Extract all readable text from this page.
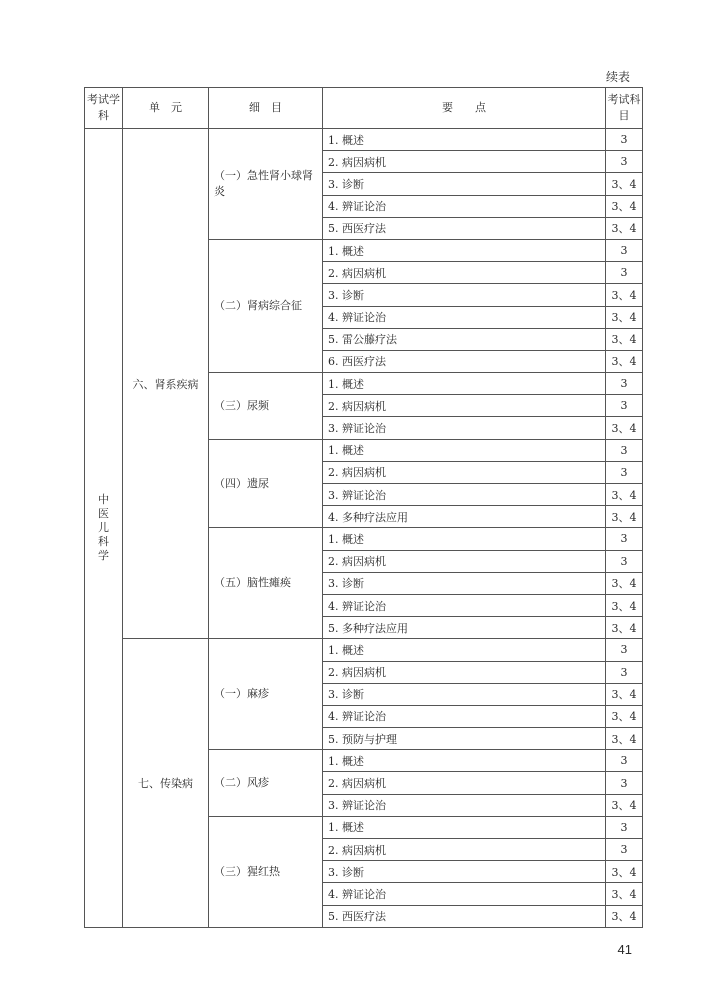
续表
考试学科	单　元	细　目	要　　点	考试科目
中医儿科学	六、肾系疾病	（一）急性肾小球肾炎	1. 概述	3
			2. 病因病机	3
			3. 诊断	3、4
			4. 辨证论治	3、4
			5. 西医疗法	3、4
		（二）肾病综合征	1. 概述	3
			2. 病因病机	3
			3. 诊断	3、4
			4. 辨证论治	3、4
			5. 雷公藤疗法	3、4
			6. 西医疗法	3、4
		（三）尿频	1. 概述	3
			2. 病因病机	3
			3. 辨证论治	3、4
		（四）遗尿	1. 概述	3
			2. 病因病机	3
			3. 辨证论治	3、4
			4. 多种疗法应用	3、4
		（五）脑性瘫痪	1. 概述	3
			2. 病因病机	3
			3. 诊断	3、4
			4. 辨证论治	3、4
			5. 多种疗法应用	3、4
	七、传染病	（一）麻疹	1. 概述	3
			2. 病因病机	3
			3. 诊断	3、4
			4. 辨证论治	3、4
			5. 预防与护理	3、4
		（二）风疹	1. 概述	3
			2. 病因病机	3
			3. 辨证论治	3、4
		（三）猩红热	1. 概述	3
			2. 病因病机	3
			3. 诊断	3、4
			4. 辨证论治	3、4
			5. 西医疗法	3、4
41
